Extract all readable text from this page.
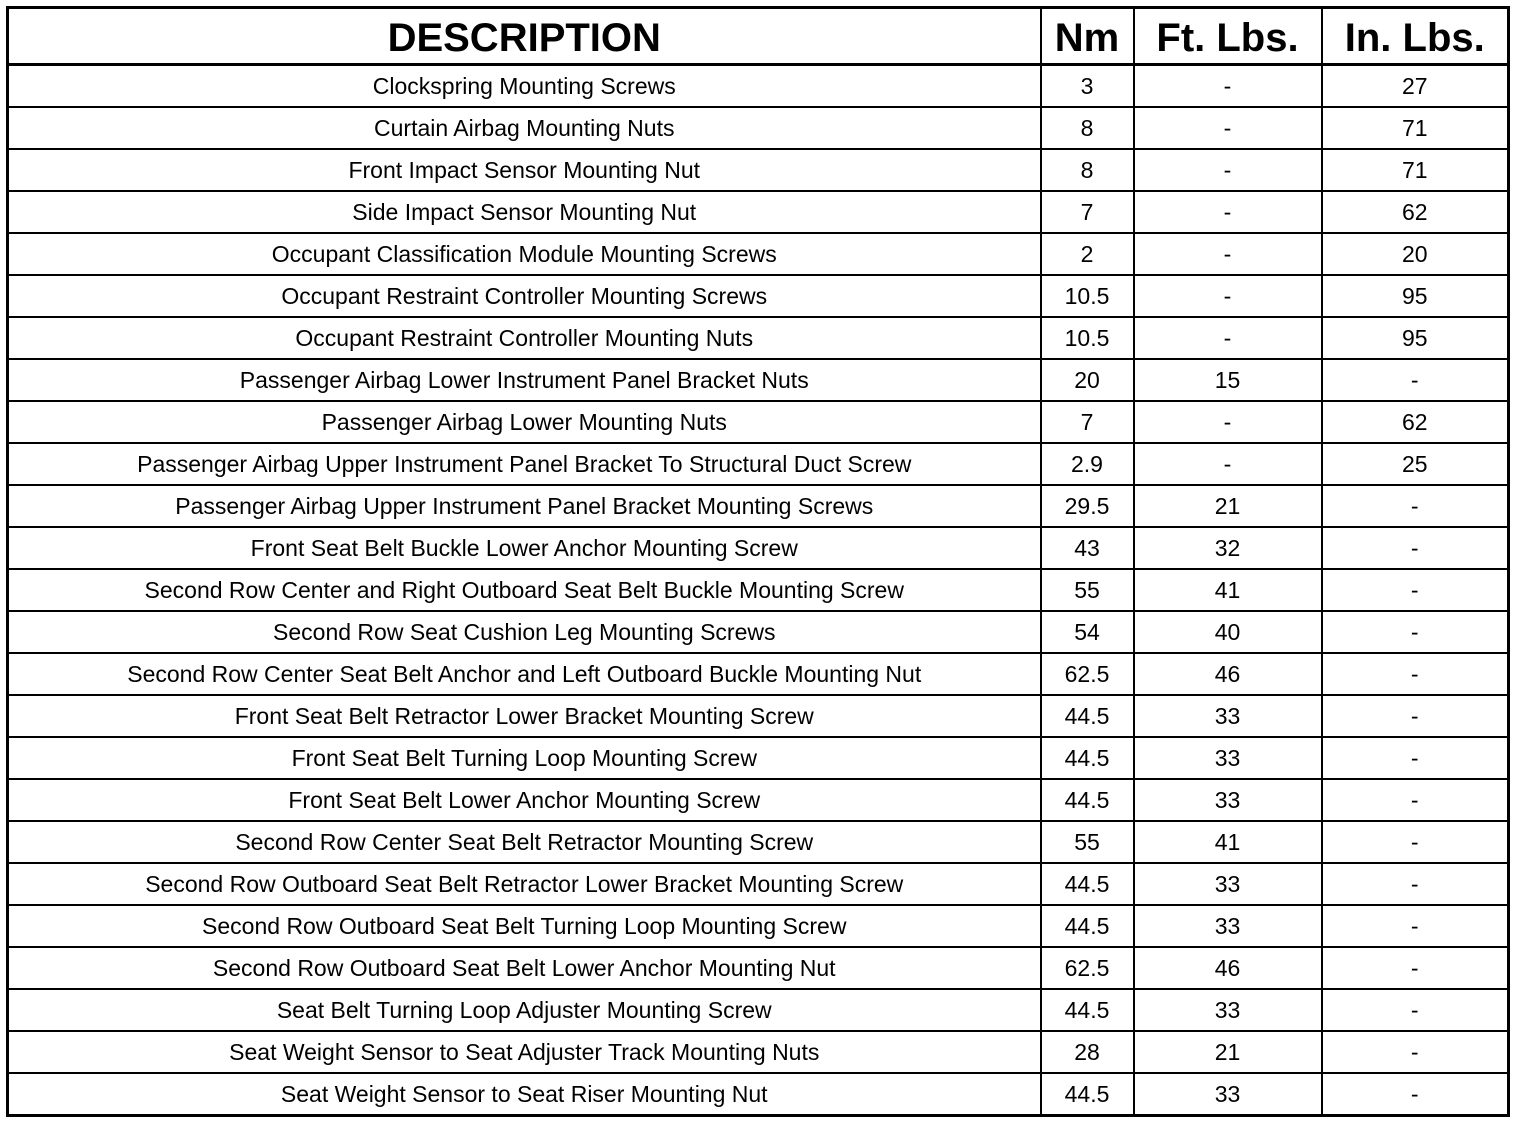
DESCRIPTION	Nm	Ft. Lbs.	In. Lbs.
Clockspring Mounting Screws	3	-	27
Curtain Airbag Mounting Nuts	8	-	71
Front Impact Sensor Mounting Nut	8	-	71
Side Impact Sensor Mounting Nut	7	-	62
Occupant Classification Module Mounting Screws	2	-	20
Occupant Restraint Controller Mounting Screws	10.5	-	95
Occupant Restraint Controller Mounting Nuts	10.5	-	95
Passenger Airbag Lower Instrument Panel Bracket Nuts	20	15	-
Passenger Airbag Lower Mounting Nuts	7	-	62
Passenger Airbag Upper Instrument Panel Bracket To Structural Duct Screw	2.9	-	25
Passenger Airbag Upper Instrument Panel Bracket Mounting Screws	29.5	21	-
Front Seat Belt Buckle Lower Anchor Mounting Screw	43	32	-
Second Row Center and Right Outboard Seat Belt Buckle Mounting Screw	55	41	-
Second Row Seat Cushion Leg Mounting Screws	54	40	-
Second Row Center Seat Belt Anchor and Left Outboard Buckle Mounting Nut	62.5	46	-
Front Seat Belt Retractor Lower Bracket Mounting Screw	44.5	33	-
Front Seat Belt Turning Loop Mounting Screw	44.5	33	-
Front Seat Belt Lower Anchor Mounting Screw	44.5	33	-
Second Row Center Seat Belt Retractor Mounting Screw	55	41	-
Second Row Outboard Seat Belt Retractor Lower Bracket Mounting Screw	44.5	33	-
Second Row Outboard Seat Belt Turning Loop Mounting Screw	44.5	33	-
Second Row Outboard Seat Belt Lower Anchor Mounting Nut	62.5	46	-
Seat Belt Turning Loop Adjuster Mounting Screw	44.5	33	-
Seat Weight Sensor to Seat Adjuster Track Mounting Nuts	28	21	-
Seat Weight Sensor to Seat Riser Mounting Nut	44.5	33	-
